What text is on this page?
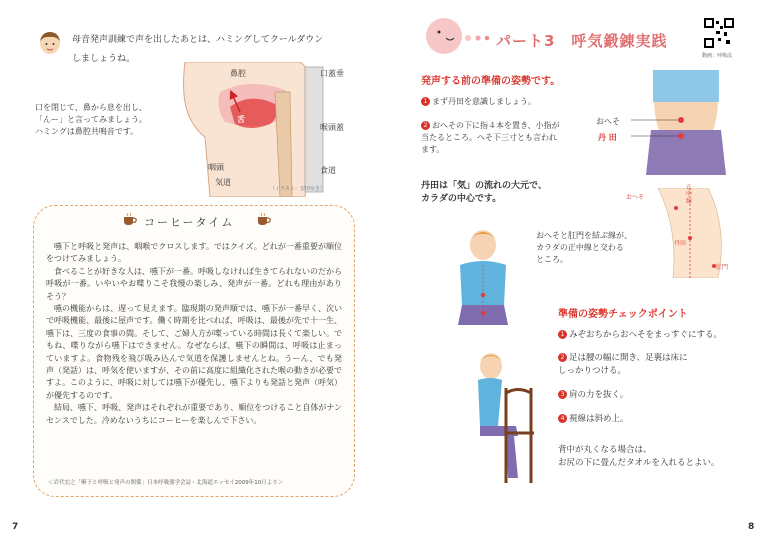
母音発声訓練で声を出したあとは、ハミングしてクールダウン
しましょうね。
口を閉じて、鼻から息を出し、
「んー」と言ってみましょう。
ハミングは鼻腔共鳴音です。
鼻腔	口蓋垂
舌
喉頭蓋
咽頭
気道
食道
（イラスト：安田ゆき）
コーヒータイム

嚥下と呼吸と発声は、咽喉でクロスします。ではクイズ。どれが一番重要が順位をつけてみましょう。

食べることが好きな人は、嚥下が一番。呼吸しなければ生きてられないのだから呼吸が一番。いやいやお喋りこそ我慢の楽しみ、発声が一番。どれも理由がありそう？

嚥の機能からは、遅って見えます。臨現期の発声順では、嚥下が一番早く、次いで呼吸機能、最後に屋声です。働く時期を比べれば、呼吸は、最後が先で十一生、嚥下は、三度の食事の間。そして、ご婦人方が喋っている時間は長くて楽しい。でもね、喋りながら嚥下はできません。なぜならば、嚥下の瞬間は、呼吸は止まっていますよ。食物残を飛び吸み込んで気道を保護しませんとね。うーん、でも発声（発話）は、呼気を使いますが、その前に高度に組織化された喉の動きが必要ですよ。このように、呼吸に対しては嚥下が優先し、嚥下よりも発話と発声（呼気）が優先するのです。

結局、嚥下、呼吸、発声はそれぞれが重要であり、順位をつけること自体がナンセンスでした。冷めないうちにコーヒーを楽しんで下さい。

＜岩代宏之「嚥下と呼吸と発声の関係」日本呼吸器学会誌・北海道エッセイ2009年10月より＞
7
パート3　呼気鍛錬実践
動画：呼吸法
発声する前の準備の姿勢です。
1 まず丹田を意識しましょう。
2 おへその下に指４本を置き、小指が当たるところ。へそ下三寸とも言われます。
おへそ
丹 田
丹田は「気」の流れの大元で、
カラダの中心です。
おへそと肛門を結ぶ線が、
カラダの正中線と交わる
ところ。
おへそ
正中線
丹田
肛門
準備の姿勢チェックポイント
1 みぞおちからおへそをまっすぐにする。
2 足は腰の幅に開き、足裏は床にしっかりつける。
3 肩の力を抜く。
4 視線は斜め上。
背中が丸くなる場合は、
お尻の下に畳んだタオルを入れるとよい。
8
